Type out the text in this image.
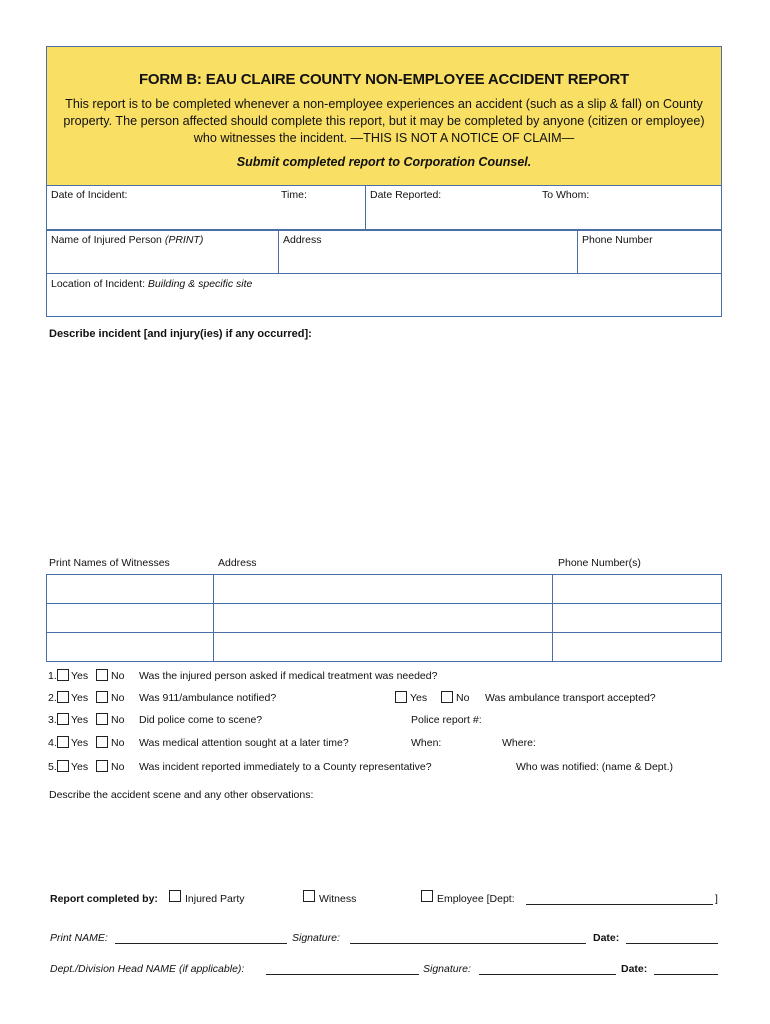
FORM B: EAU CLAIRE COUNTY NON-EMPLOYEE ACCIDENT REPORT
This report is to be completed whenever a non-employee experiences an accident (such as a slip & fall) on County property. The person affected should complete this report, but it may be completed by anyone (citizen or employee) who witnesses the incident. —THIS IS NOT A NOTICE OF CLAIM—
Submit completed report to Corporation Counsel.
Date of Incident:	Time:	Date Reported:	To Whom:
Name of Injured Person (PRINT)	Address	Phone Number
Location of Incident: Building & specific site
Describe incident [and injury(ies) if any occurred]:
Print Names of Witnesses	Address	Phone Number(s)
1. Yes No Was the injured person asked if medical treatment was needed?
2. Yes No Was 911/ambulance notified?	Yes	No Was ambulance transport accepted?
3. Yes No Did police come to scene?	Police report #:
4. Yes No Was medical attention sought at a later time?	When:	Where:
5. Yes No Was incident reported immediately to a County representative?	Who was notified: (name & Dept.)
Describe the accident scene and any other observations:
Report completed by:	Injured Party	Witness	Employee [Dept:	]
Print NAME:	Signature:	Date:
Dept./Division Head NAME (if applicable):	Signature:	Date:
